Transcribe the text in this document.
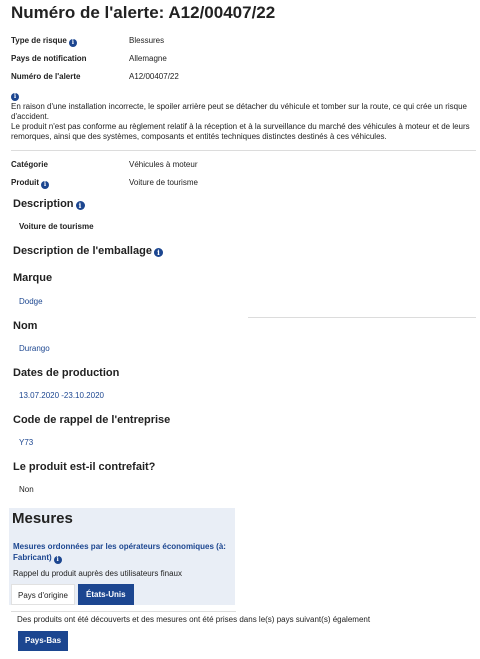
Numéro de l'alerte: A12/00407/22
Type de risque i	Blessures
Pays de notification	Allemagne
Numéro de l'alerte	A12/00407/22
i
En raison d'une installation incorrecte, le spoiler arrière peut se détacher du véhicule et tomber sur la route, ce qui crée un risque d'accident.
Le produit n'est pas conforme au règlement relatif à la réception et à la surveillance du marché des véhicules à moteur et de leurs remorques, ainsi que des systèmes, composants et entités techniques distinctes destinés à ces véhicules.
Catégorie	Véhicules à moteur
Produit i	Voiture de tourisme
Description i
Voiture de tourisme
Description de l'emballage i
Marque
Dodge
Nom
Durango
Dates de production
13.07.2020 -23.10.2020
Code de rappel de l'entreprise
Y73
Le produit est-il contrefait?
Non
Mesures
Mesures ordonnées par les opérateurs économiques (à: Fabricant) i
Rappel du produit auprès des utilisateurs finaux
Pays d'origine	États-Unis
Des produits ont été découverts et des mesures ont été prises dans le(s) pays suivant(s) également
Pays-Bas
